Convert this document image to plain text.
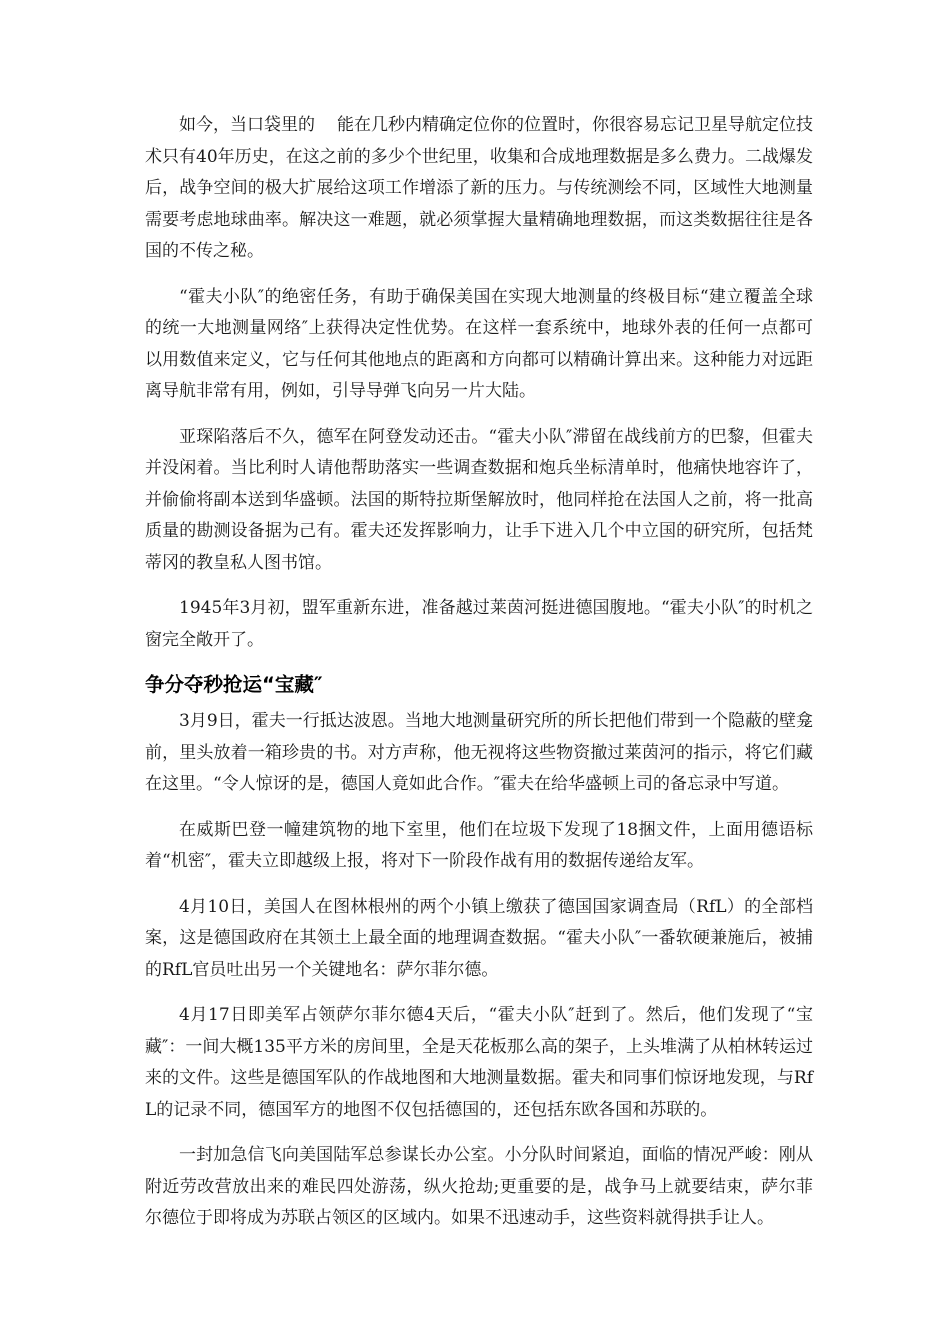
如今，当口袋里的 能在几秒内精确定位你的位置时，你很容易忘记卫星导航定位技术只有40年历史，在这之前的多少个世纪里，收集和合成地理数据是多么费力。二战爆发后，战争空间的极大扩展给这项工作增添了新的压力。与传统测绘不同，区域性大地测量需要考虑地球曲率。解决这一难题，就必须掌握大量精确地理数据，而这类数据往往是各国的不传之秘。

“霍夫小队″的绝密任务，有助于确保美国在实现大地测量的终极目标“建立覆盖全球的统一大地测量网络″上获得决定性优势。在这样一套系统中，地球外表的任何一点都可以用数值来定义，它与任何其他地点的距离和方向都可以精确计算出来。这种能力对远距离导航非常有用，例如，引导导弹飞向另一片大陆。

亚琛陷落后不久，德军在阿登发动还击。“霍夫小队″滞留在战线前方的巴黎，但霍夫并没闲着。当比利时人请他帮助落实一些调查数据和炮兵坐标清单时，他痛快地容许了，并偷偷将副本送到华盛顿。法国的斯特拉斯堡解放时，他同样抢在法国人之前，将一批高质量的勘测设备据为己有。霍夫还发挥影响力，让手下进入几个中立国的研究所，包括梵蒂冈的教皇私人图书馆。

1945年3月初，盟军重新东进，准备越过莱茵河挺进德国腹地。“霍夫小队″的时机之窗完全敞开了。

争分夺秒抢运“宝藏″

3月9日，霍夫一行抵达波恩。当地大地测量研究所的所长把他们带到一个隐蔽的壁龛前，里头放着一箱珍贵的书。对方声称，他无视将这些物资撤过莱茵河的指示，将它们藏在这里。“令人惊讶的是，德国人竟如此合作。″霍夫在给华盛顿上司的备忘录中写道。

在威斯巴登一幢建筑物的地下室里，他们在垃圾下发现了18捆文件，上面用德语标着“机密″，霍夫立即越级上报，将对下一阶段作战有用的数据传递给友军。

4月10日，美国人在图林根州的两个小镇上缴获了德国国家调查局（RfL）的全部档案，这是德国政府在其领土上最全面的地理调查数据。“霍夫小队″一番软硬兼施后，被捕的RfL官员吐出另一个关键地名：萨尔菲尔德。

4月17日即美军占领萨尔菲尔德4天后，“霍夫小队″赶到了。然后，他们发现了“宝藏″：一间大概135平方米的房间里，全是天花板那么高的架子，上头堆满了从柏林转运过来的文件。这些是德国军队的作战地图和大地测量数据。霍夫和同事们惊讶地发现，与RfL的记录不同，德国军方的地图不仅包括德国的，还包括东欧各国和苏联的。

一封加急信飞向美国陆军总参谋长办公室。小分队时间紧迫，面临的情况严峻：刚从附近劳改营放出来的难民四处游荡，纵火抢劫;更重要的是，战争马上就要结束，萨尔菲尔德位于即将成为苏联占领区的区域内。如果不迅速动手，这些资料就得拱手让人。
